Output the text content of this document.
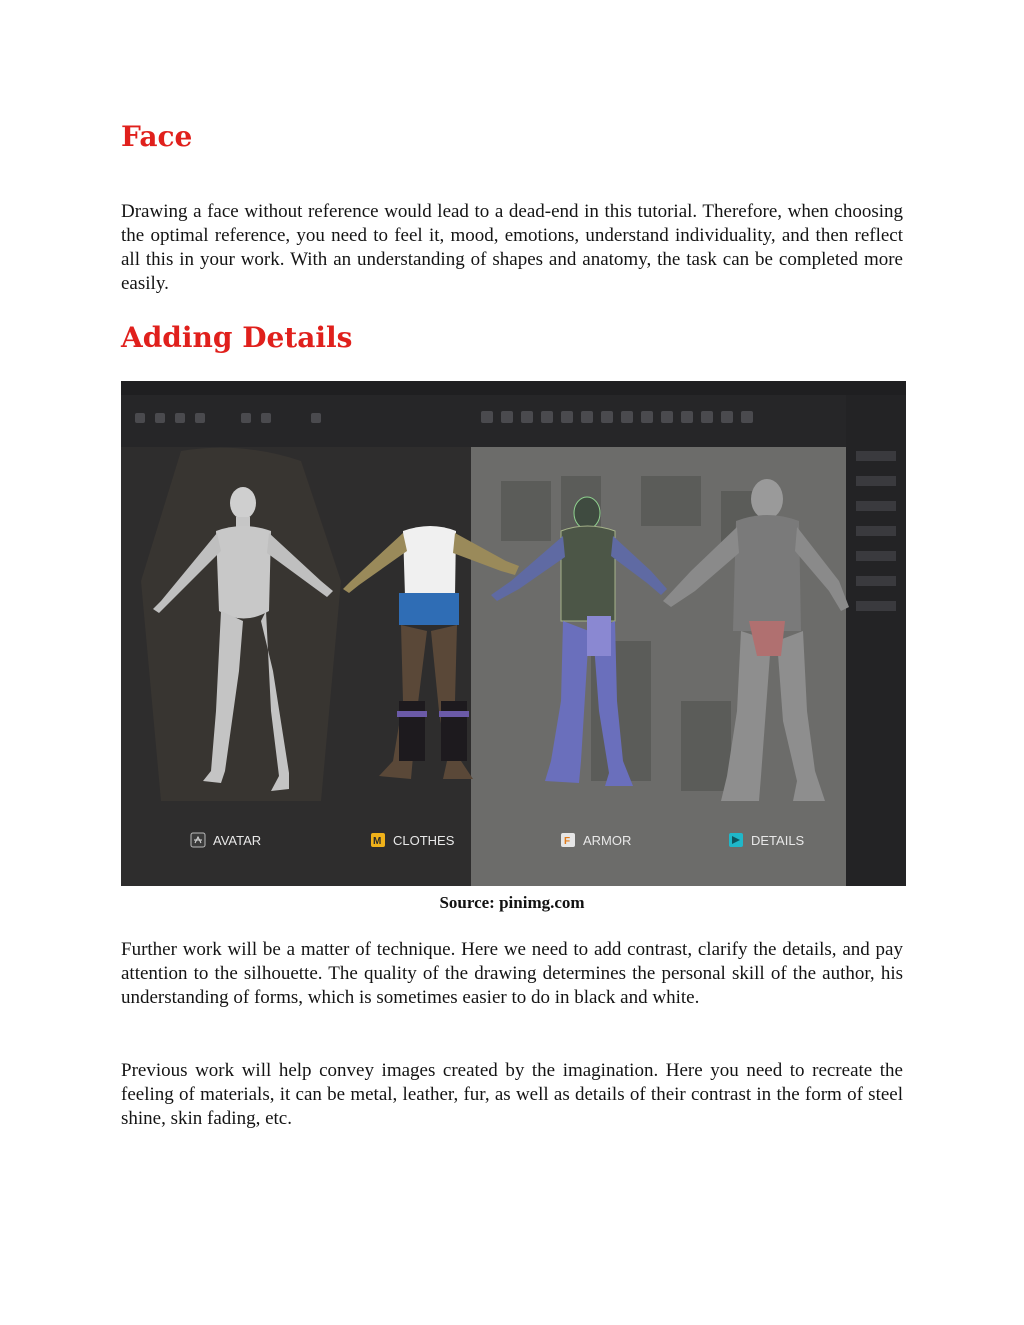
Face

Drawing a face without reference would lead to a dead-end in this tutorial. Therefore, when choosing the optimal reference, you need to feel it, mood, emotions, understand individuality, and then reflect all this in your work. With an understanding of shapes and anatomy, the task can be completed more easily.

Adding Details
AVATAR	M CLOTHES	F ARMOR	DETAILS

Source: pinimg.com

Further work will be a matter of technique. Here we need to add contrast, clarify the details, and pay attention to the silhouette. The quality of the drawing determines the personal skill of the author, his understanding of forms, which is sometimes easier to do in black and white.

Previous work will help convey images created by the imagination. Here you need to recreate the feeling of materials, it can be metal, leather, fur, as well as details of their contrast in the form of steel shine, skin fading, etc.
